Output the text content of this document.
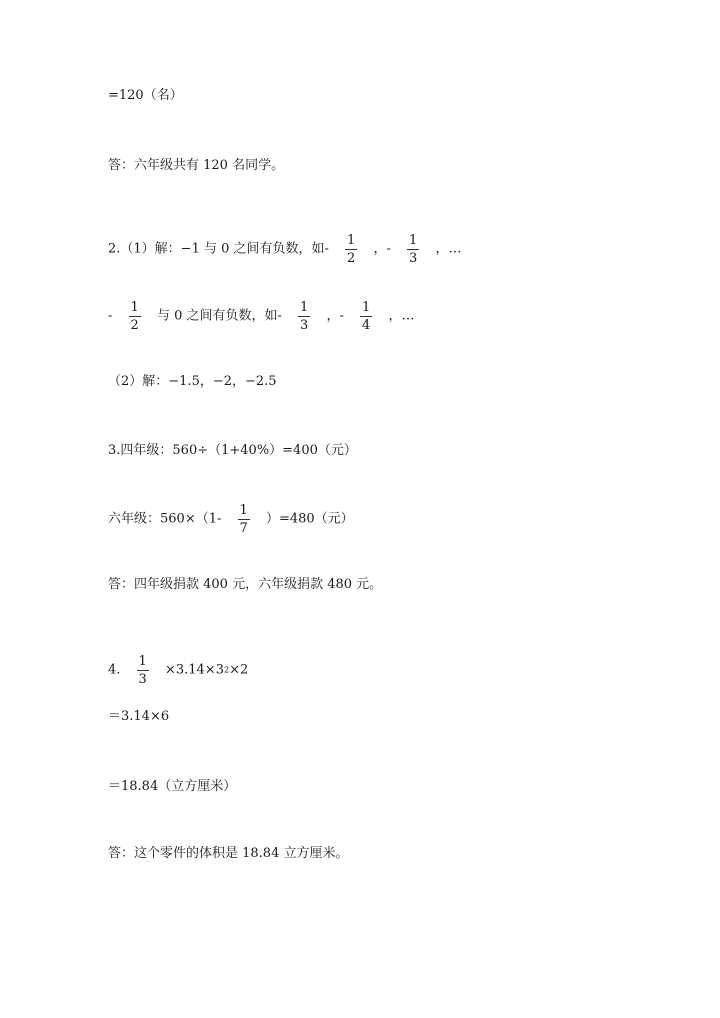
=120（名）
答：六年级共有 120 名同学。
2.（1）解：−1 与 0 之间有负数，如- $\frac{1}{2}$ ，- $\frac{1}{3}$ ，…
- $\frac{1}{2}$ 与 0 之间有负数，如- $\frac{1}{3}$ ，- $\frac{1}{4}$ ，…
（2）解：−1.5，−2，−2.5
3.四年级：560÷（1+40%）=400（元）
六年级：$560\times(1- \frac{1}{7} )=480$（元）
答：四年级捐款 400 元，六年级捐款 480 元。
4. $\frac{1}{3} \times 3.14\times 32\times 2$
＝3.14×6
＝18.84（立方厘米）
答：这个零件的体积是 18.84 立方厘米。
